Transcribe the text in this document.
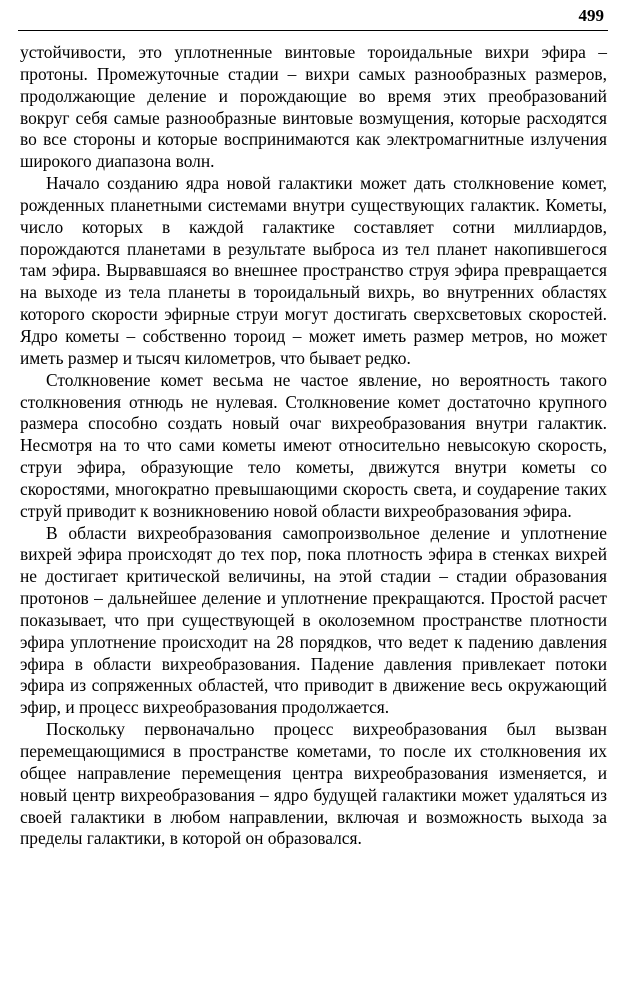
499

устойчивости, это уплотненные винтовые тороидальные вихри эфира – протоны. Промежуточные стадии – вихри самых разнообразных размеров, продолжающие деление и порождающие во время этих преобразований вокруг себя самые разнообразные винтовые возмущения, которые расходятся во все стороны и которые воспринимаются как электромагнитные излучения широкого диапазона волн.

Начало созданию ядра новой галактики может дать столкновение комет, рожденных планетными системами внутри существующих галактик. Кометы, число которых в каждой галактике составляет сотни миллиардов, порождаются планетами в результате выброса из тел планет накопившегося там эфира. Вырвавшаяся во внешнее пространство струя эфира превращается на выходе из тела планеты в тороидальный вихрь, во внутренних областях которого скорости эфирные струи могут достигать сверхсветовых скоростей. Ядро кометы – собственно тороид – может иметь размер метров, но может иметь размер и тысяч километров, что бывает редко.

Столкновение комет весьма не частое явление, но вероятность такого столкновения отнюдь не нулевая. Столкновение комет достаточно крупного размера способно создать новый очаг вихреобразования внутри галактик. Несмотря на то что сами кометы имеют относительно невысокую скорость, струи эфира, образующие тело кометы, движутся внутри кометы со скоростями, многократно превышающими скорость света, и соударение таких струй приводит к возникновению новой области вихреобразования эфира.

В области вихреобразования самопроизвольное деление и уплотнение вихрей эфира происходят до тех пор, пока плотность эфира в стенках вихрей не достигает критической величины, на этой стадии – стадии образования протонов – дальнейшее деление и уплотнение прекращаются. Простой расчет показывает, что при существующей в околоземном пространстве плотности эфира уплотнение происходит на 28 порядков, что ведет к падению давления эфира в области вихреобразования. Падение давления привлекает потоки эфира из сопряженных областей, что приводит в движение весь окружающий эфир, и процесс вихреобразования продолжается.

Поскольку первоначально процесс вихреобразования был вызван перемещающимися в пространстве кометами, то после их столкновения их общее направление перемещения центра вихреобразования изменяется, и новый центр вихреобразования – ядро будущей галактики может удаляться из своей галактики в любом направлении, включая и возможность выхода за пределы галактики, в которой он образовался.
